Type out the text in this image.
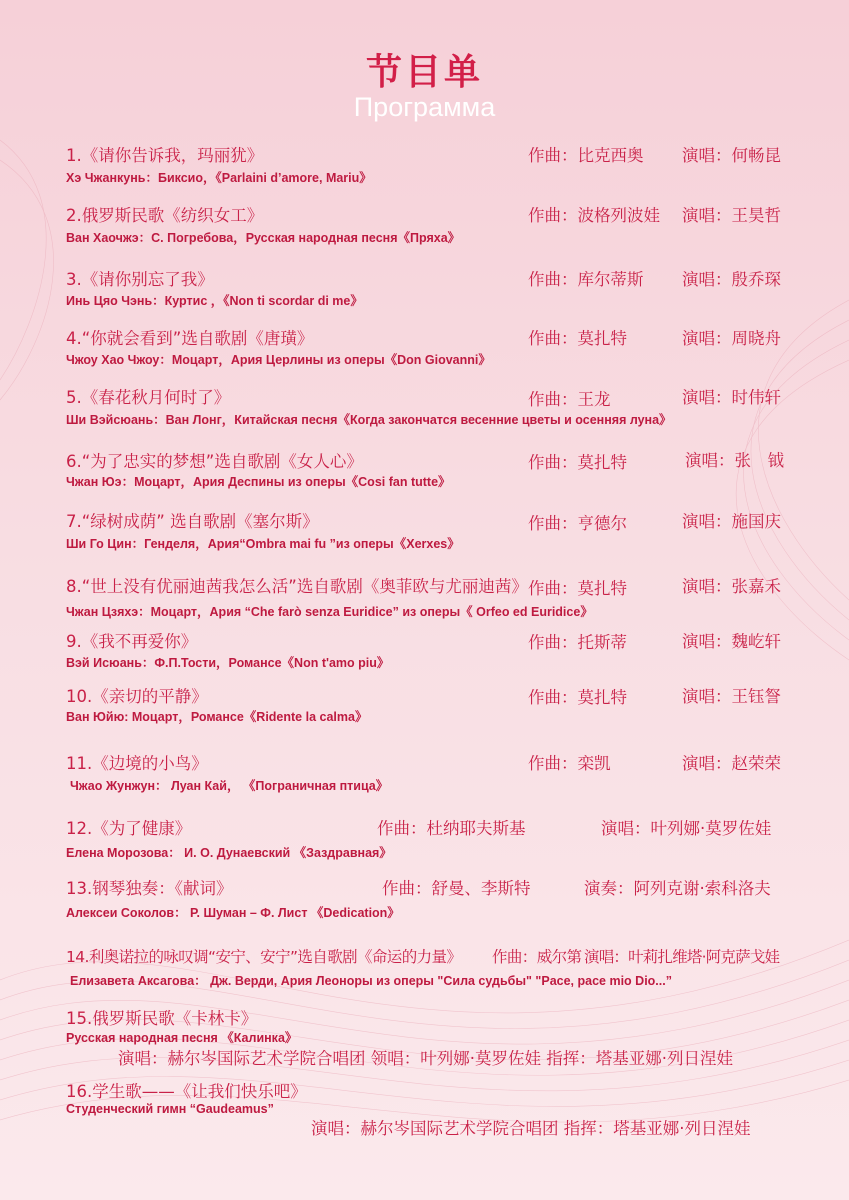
节目单
Программа
1.《请你告诉我，玛丽犹》	作曲：比克西奥 演唱：何畅昆
Хэ Чжанкунь：Биксио，《Parlaini d’amore, Mariu》
2.俄罗斯民歌《纺织女工》	作曲：波格列波娃 演唱：王昊哲
Ван Хаочжэ：С. Погребова，Русская народная песня《Пряха》
3.《请你别忘了我》	作曲：库尔蒂斯 演唱：殷乔琛
Инь Цяо Чэнь：Куртис ，《Non ti scordar di me》
4.“你就会看到”选自歌剧《唐璜》	作曲：莫扎特	演唱：周晓舟
Чжоу Хао Чжоу：Моцарт，Ария Церлины из оперы《Don Giovanni》
5.《春花秋月何时了》	作曲：王龙	演唱：时伟轩
Ши Вэйсюань：Ван Лонг，Китайская песня《Когда закончатся весенние цветы и осенняя луна》
6.“为了忠实的梦想”选自歌剧《女人心》	作曲：莫扎特	演唱：张　钺
Чжан Юэ：Моцарт，Ария Деспины из оперы《Cosi fan tutte》
7.“绿树成荫” 选自歌剧《塞尔斯》	作曲：亨德尔	演唱：施国庆
Ши Го Цин：Генделя，Ария“Ombra mai fu ”из оперы《Xerxes》
8.“世上没有优丽迪茜我怎么活”选自歌剧《奥菲欧与尤丽迪茜》 作曲：莫扎特	演唱：张嘉禾
Чжан Цзяхэ：Моцарт，Ария “Che farò senza Euridice” из оперы《 Orfeo ed Euridice》
9.《我不再爱你》	作曲：托斯蒂	演唱：魏屹轩
Вэй Исюань：Ф.П.Тости，Романсе《Non t'amo piu》
10.《亲切的平静》	作曲：莫扎特	演唱：王钰詧
Ван Юйю: Моцарт，Романсе《Ridente la calma》
11.《边境的小鸟》	作曲：栾凯	演唱：赵荣荣
Чжао Жунжун： Луан Кай， 《Пограничная птица》
12.《为了健康》	作曲：杜纳耶夫斯基	演唱：叶列娜·莫罗佐娃
Елена Морозова： И. О. Дунаевский 《Заздравная》
13.钢琴独奏：《献词》	作曲：舒曼、李斯特	演奏：阿列克谢·索科洛夫
Алексеи Соколов： Р. Шуман – Ф. Лист 《Dedication》
14.利奥诺拉的咏叹调“安宁、安宁”选自歌剧《命运的力量》 作曲：威尔第 演唱：叶莉扎维塔·阿克萨戈娃
Елизавета Аксагова： Дж. Верди, Ария Леоноры из оперы "Сила судьбы" "Pace, pace mio Dio...”
15.俄罗斯民歌《卡林卡》
Русская народная песня 《Калинка》
演唱：赫尔岑国际艺术学院合唱团 领唱：叶列娜·莫罗佐娃 指挥：塔基亚娜·列日涅娃
16.学生歌——《让我们快乐吧》
Студенческий гимн “Gaudeamus”
演唱：赫尔岑国际艺术学院合唱团 指挥：塔基亚娜·列日涅娃
